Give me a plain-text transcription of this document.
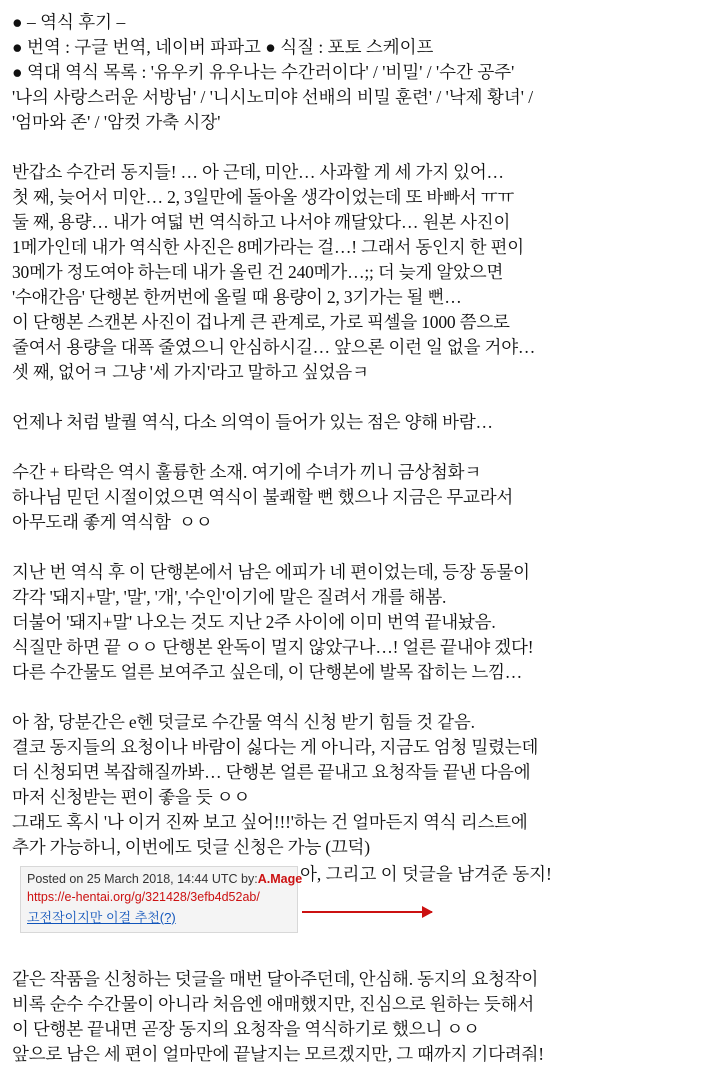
● – 역식 후기 –
● 번역 : 구글 번역, 네이버 파파고 ● 식질 : 포토 스케이프
● 역대 역식 목록 : '유우키 유우나는 수간러이다' / '비밀' / '수간 공주'
'나의 사랑스러운 서방님' / '니시노미야 선배의 비밀 훈련' / '낙제 황녀' /
'엄마와 존' / '암컷 가축 시장'
반갑소 수간러 동지들! … 아 근데, 미안… 사과할 게 세 가지 있어…
첫 째, 늦어서 미안… 2, 3일만에 돌아올 생각이었는데 또 바빠서 ㅠㅠ
둘 째, 용량… 내가 여덟 번 역식하고 나서야 깨달았다… 원본 사진이
1메가인데 내가 역식한 사진은 8메가라는 걸…! 그래서 동인지 한 편이
30메가 정도여야 하는데 내가 올린 건 240메가…;; 더 늦게 알았으면
'수애간음' 단행본 한꺼번에 올릴 때 용량이 2, 3기가는 될 뻔…
이 단행본 스캔본 사진이 겁나게 큰 관계로, 가로 픽셀을 1000 쯤으로
줄여서 용량을 대폭 줄였으니 안심하시길… 앞으론 이런 일 없을 거야…
셋 째, 없어ㅋ 그냥 '세 가지'라고 말하고 싶었음ㅋ
언제나 처럼 발퀄 역식, 다소 의역이 들어가 있는 점은 양해 바람…
수간 + 타락은 역시 훌륭한 소재. 여기에 수녀가 끼니 금상첨화ㅋ
하나님 믿던 시절이었으면 역식이 불쾌할 뻔 했으나 지금은 무교라서
아무도래 좋게 역식함  ㅇㅇ
지난 번 역식 후 이 단행본에서 남은 에피가 네 편이었는데, 등장 동물이
각각 '돼지+말', '말', '개', '수인'이기에 말은 질려서 개를 해봄.
더불어 '돼지+말' 나오는 것도 지난 2주 사이에 이미 번역 끝내놨음.
식질만 하면 끝 ㅇㅇ 단행본 완독이 멀지 않았구나…! 얼른 끝내야 겠다!
다른 수간물도 얼른 보여주고 싶은데, 이 단행본에 발목 잡히는 느낌…
아 참, 당분간은 e헨 덧글로 수간물 역식 신청 받기 힘들 것 같음.
결코 동지들의 요청이나 바람이 싫다는 게 아니라, 지금도 엄청 밀렸는데
더 신청되면 복잡해질까봐… 단행본 얼른 끝내고 요청작들 끝낸 다음에
마저 신청받는 편이 좋을 듯 ㅇㅇ
그래도 혹시 '나 이거 진짜 보고 싶어!!!'하는 건 얼마든지 역식 리스트에
추가 가능하니, 이번에도 덧글 신청은 가능 (끄덕)
Posted on 25 March 2018, 14:44 UTC by:A.Mage
https://e-hentai.org/g/321428/3efb4d52ab/
고전작이지만 이걸 추천(?)
아, 그리고 이 덧글을 남겨준 동지!
같은 작품을 신청하는 덧글을 매번 달아주던데, 안심해. 동지의 요청작이
비록 순수 수간물이 아니라 처음엔 애매했지만, 진심으로 원하는 듯해서
이 단행본 끝내면 곧장 동지의 요청작을 역식하기로 했으니 ㅇㅇ
앞으로 남은 세 편이 얼마만에 끝날지는 모르겠지만, 그 때까지 기다려줘!
